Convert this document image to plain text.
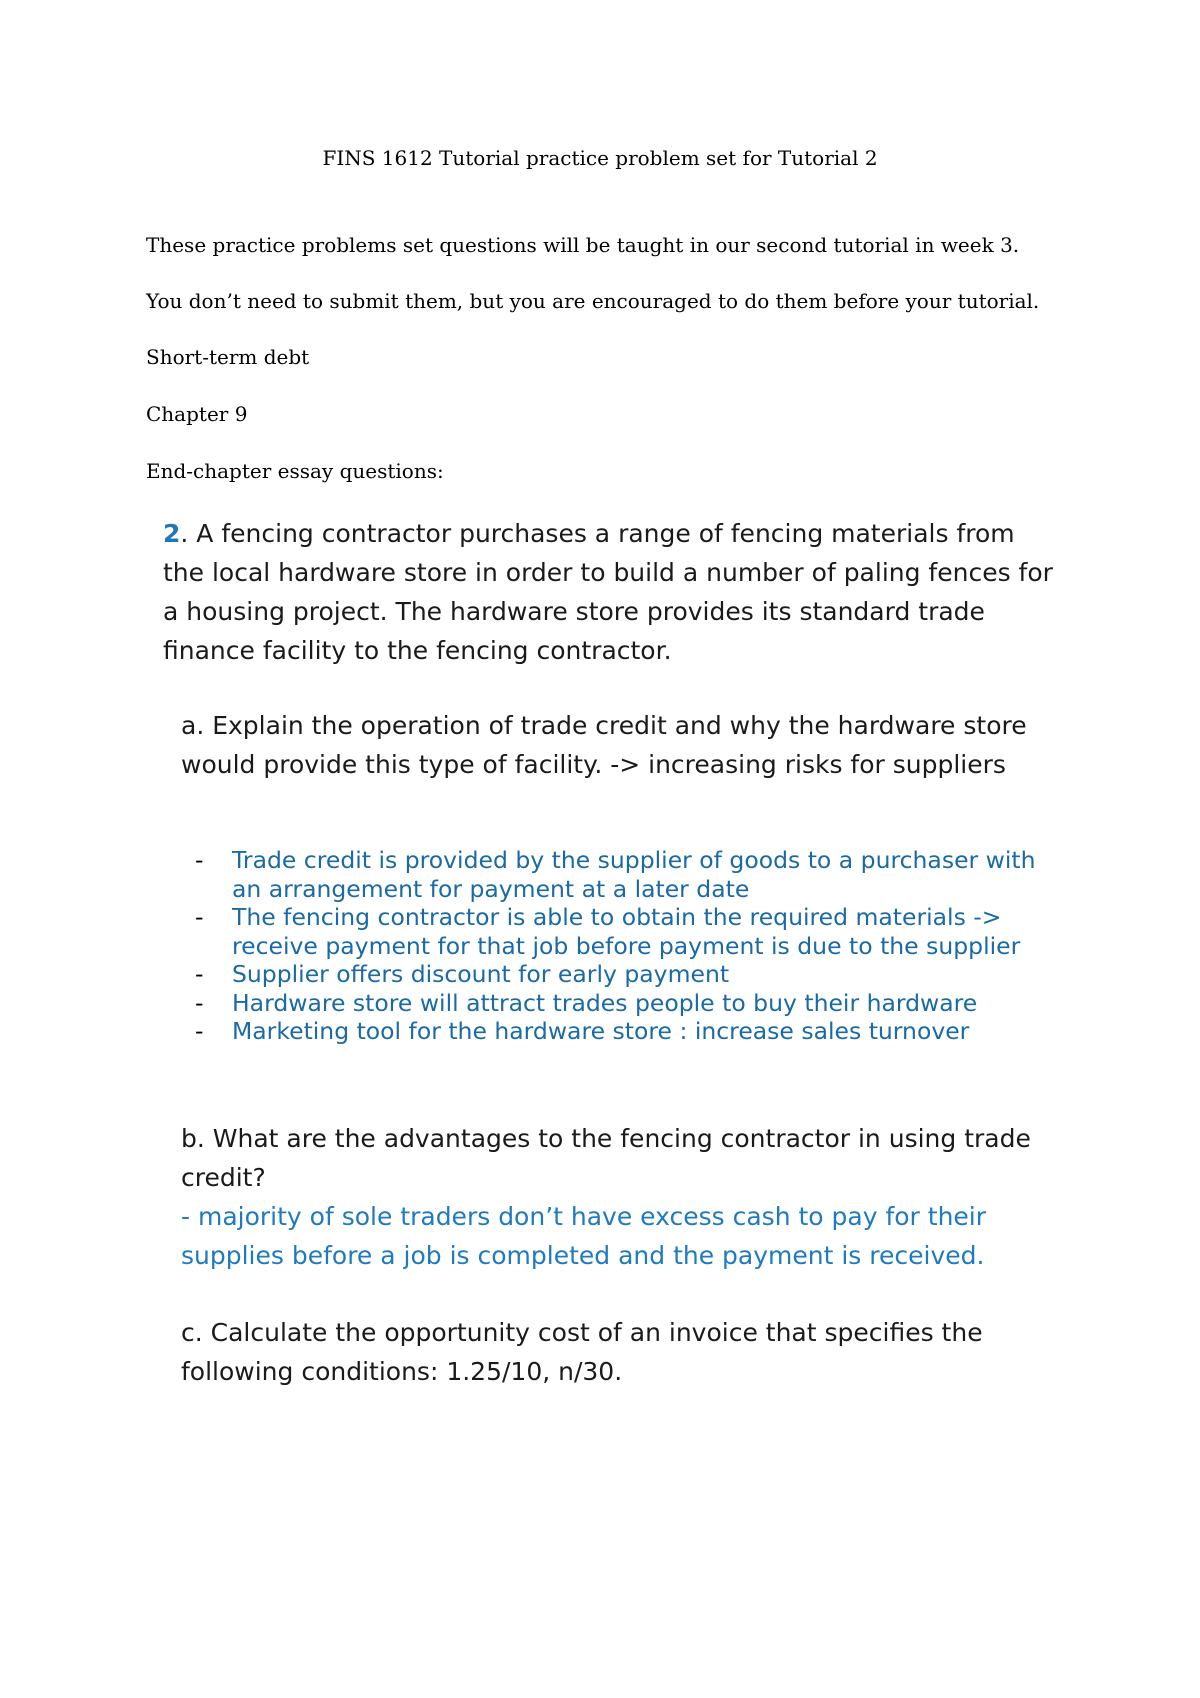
FINS 1612 Tutorial practice problem set for Tutorial 2
These practice problems set questions will be taught in our second tutorial in week 3.
You don’t need to submit them, but you are encouraged to do them before your tutorial.
Short-term debt
Chapter 9
End-chapter essay questions:
2. A fencing contractor purchases a range of fencing materials from the local hardware store in order to build a number of paling fences for a housing project. The hardware store provides its standard trade finance facility to the fencing contractor.
a. Explain the operation of trade credit and why the hardware store would provide this type of facility. -> increasing risks for suppliers
- Trade credit is provided by the supplier of goods to a purchaser with an arrangement for payment at a later date
- The fencing contractor is able to obtain the required materials -> receive payment for that job before payment is due to the supplier
- Supplier offers discount for early payment
- Hardware store will attract trades people to buy their hardware
- Marketing tool for the hardware store : increase sales turnover
b. What are the advantages to the fencing contractor in using trade credit?
- majority of sole traders don’t have excess cash to pay for their supplies before a job is completed and the payment is received.
c. Calculate the opportunity cost of an invoice that specifies the following conditions: 1.25/10, n/30.
